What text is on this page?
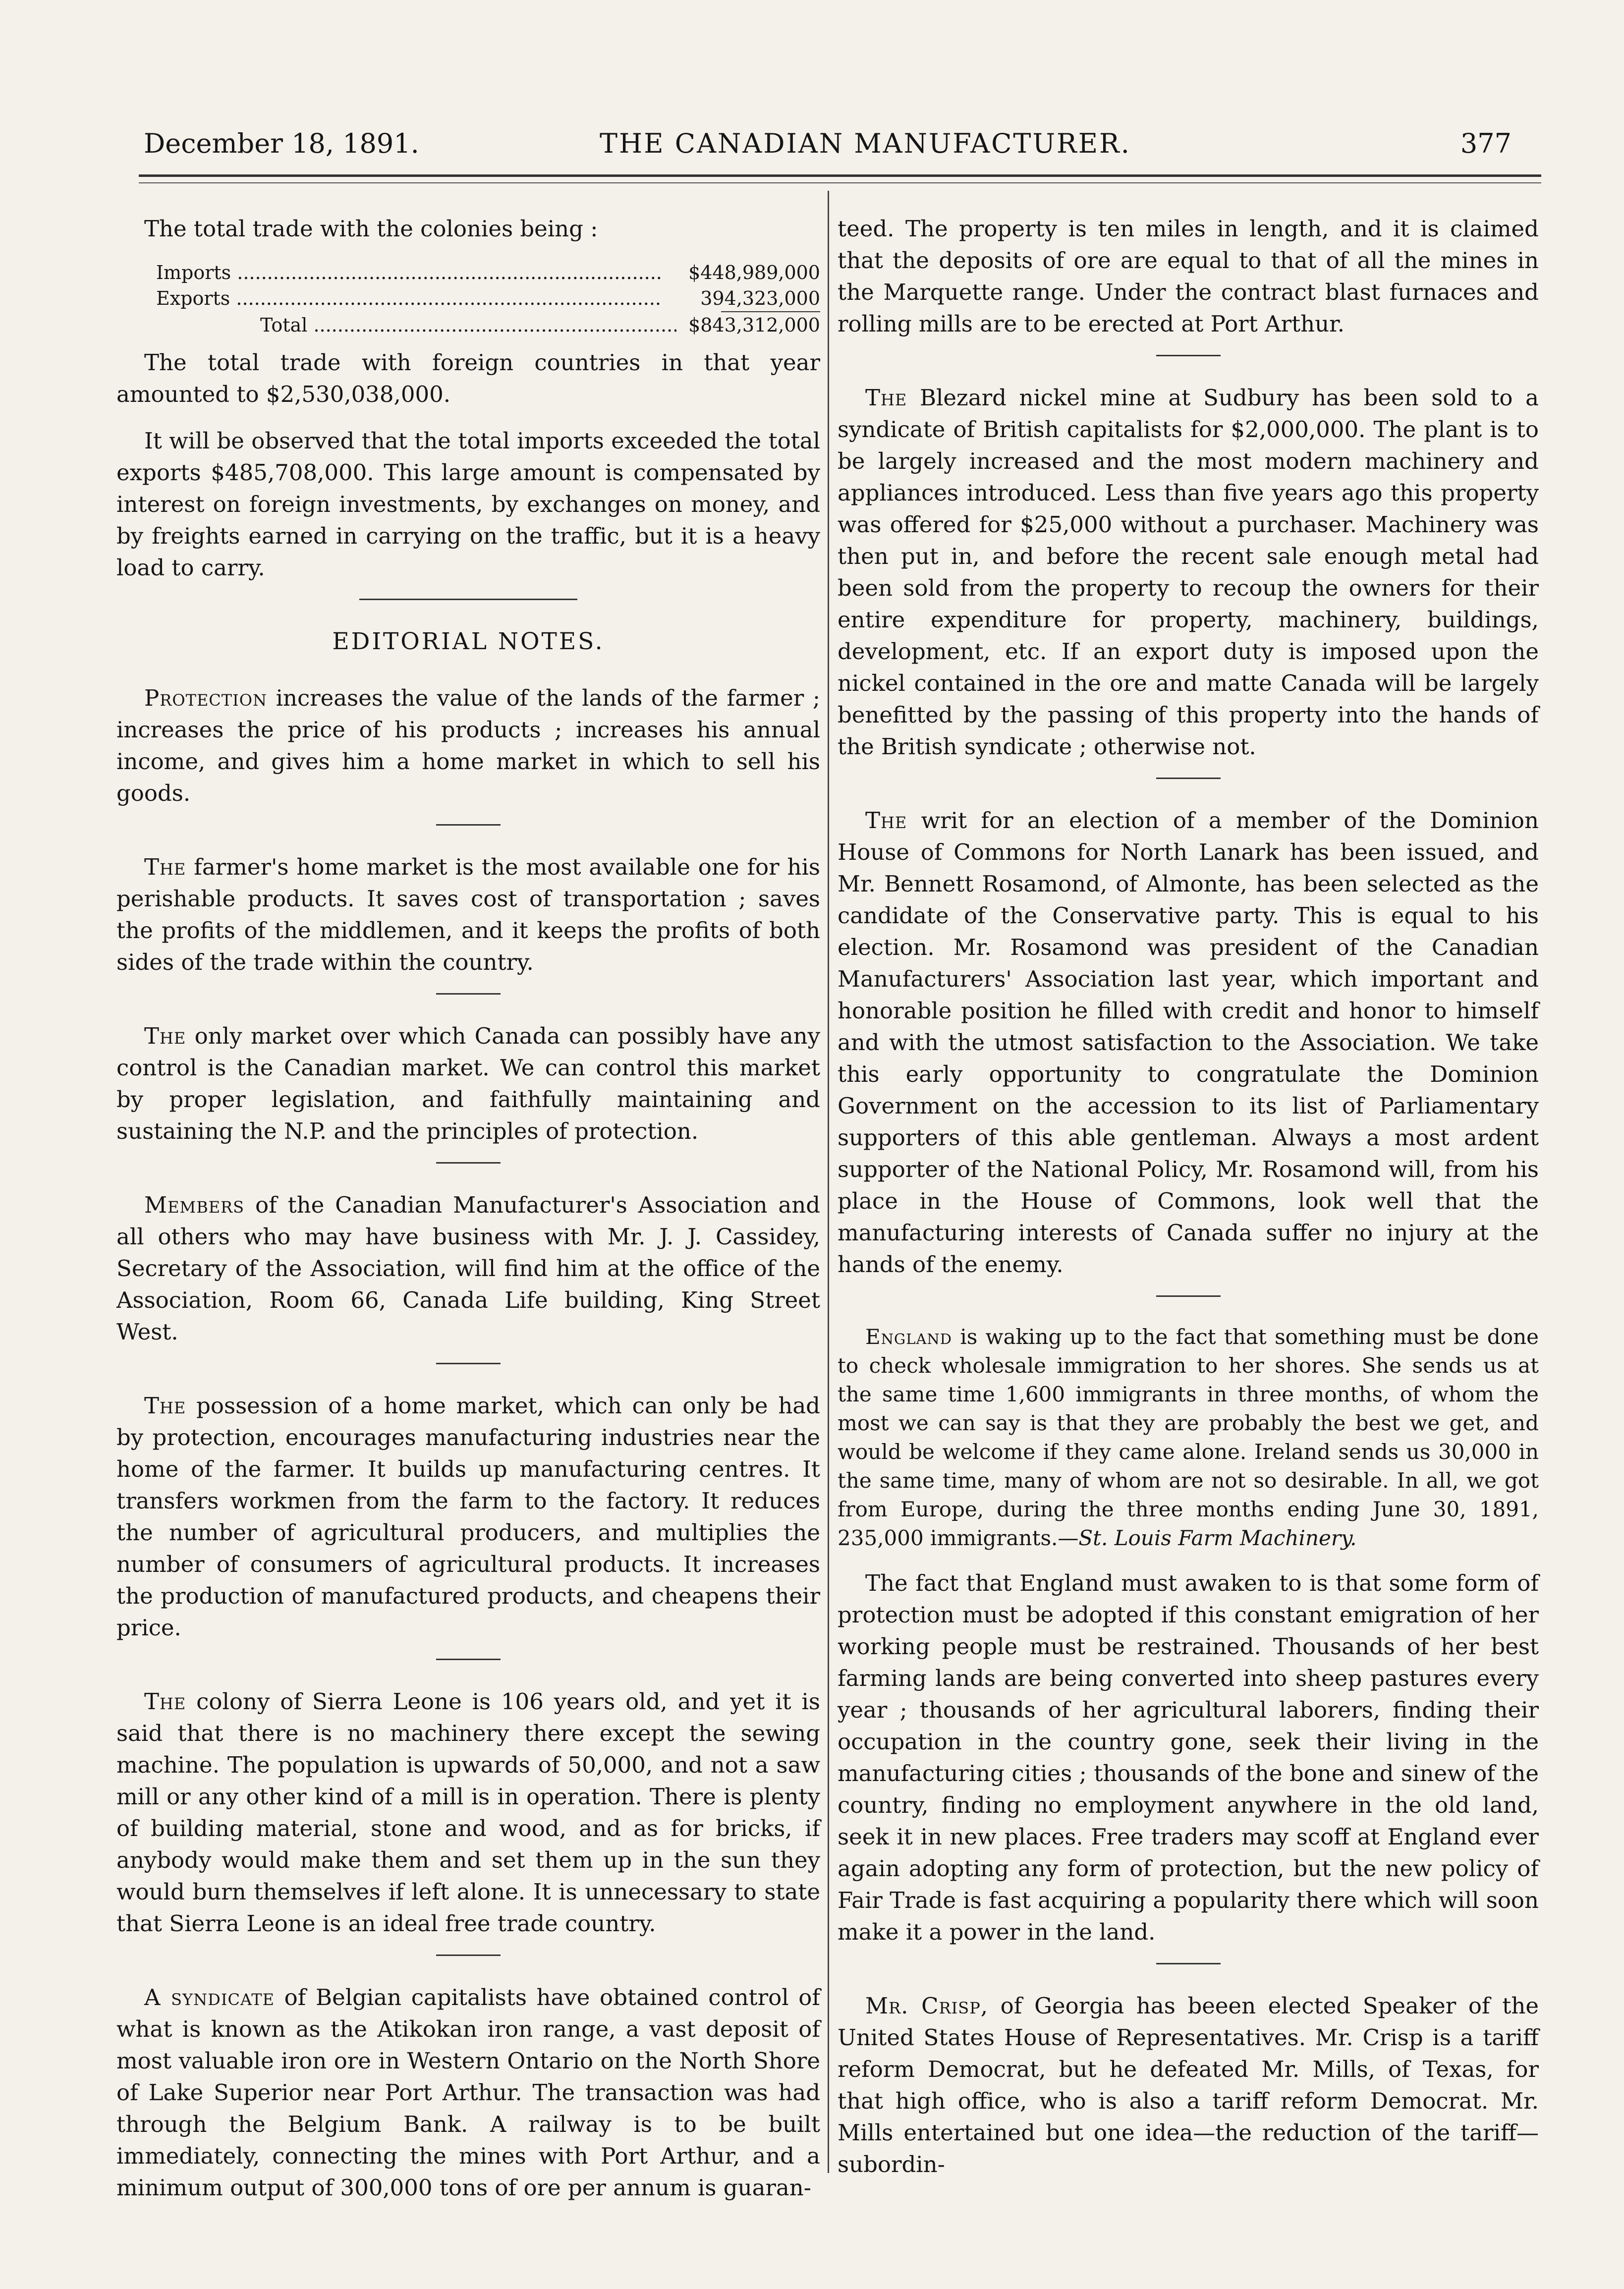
December 18, 1891.	THE CANADIAN MANUFACTURER.	377

The total trade with the colonies being :

Imports .....	$448,989,000
Exports .....	394,323,000
Total .....	$843,312,000

The total trade with foreign countries in that year amounted to $2,530,038,000.

It will be observed that the total imports exceeded the total exports $485,708,000. This large amount is compensated by interest on foreign investments, by exchanges on money, and by freights earned in carrying on the traffic, but it is a heavy load to carry.

EDITORIAL NOTES.

Protection increases the value of the lands of the farmer ; increases the price of his products ; increases his annual income, and gives him a home market in which to sell his goods.

The farmer's home market is the most available one for his perishable products. It saves cost of transportation ; saves the profits of the middlemen, and it keeps the profits of both sides of the trade within the country.

The only market over which Canada can possibly have any control is the Canadian market. We can control this market by proper legislation, and faithfully maintaining and sustaining the N.P. and the principles of protection.

Members of the Canadian Manufacturer's Association and all others who may have business with Mr. J. J. Cassidey, Secretary of the Association, will find him at the office of the Association, Room 66, Canada Life building, King Street West.

The possession of a home market, which can only be had by protection, encourages manufacturing industries near the home of the farmer. It builds up manufacturing centres. It transfers workmen from the farm to the factory. It reduces the number of agricultural producers, and multiplies the number of consumers of agricultural products. It increases the production of manufactured products, and cheapens their price.

The colony of Sierra Leone is 106 years old, and yet it is said that there is no machinery there except the sewing machine. The population is upwards of 50,000, and not a saw mill or any other kind of a mill is in operation. There is plenty of building material, stone and wood, and as for bricks, if anybody would make them and set them up in the sun they would burn themselves if left alone. It is unnecessary to state that Sierra Leone is an ideal free trade country.

A syndicate of Belgian capitalists have obtained control of what is known as the Atikokan iron range, a vast deposit of most valuable iron ore in Western Ontario on the North Shore of Lake Superior near Port Arthur. The transaction was had through the Belgium Bank. A railway is to be built immediately, connecting the mines with Port Arthur, and a minimum output of 300,000 tons of ore per annum is guaran-

teed. The property is ten miles in length, and it is claimed that the deposits of ore are equal to that of all the mines in the Marquette range. Under the contract blast furnaces and rolling mills are to be erected at Port Arthur.

The Blezard nickel mine at Sudbury has been sold to a syndicate of British capitalists for $2,000,000. The plant is to be largely increased and the most modern machinery and appliances introduced. Less than five years ago this property was offered for $25,000 without a purchaser. Machinery was then put in, and before the recent sale enough metal had been sold from the property to recoup the owners for their entire expenditure for property, machinery, buildings, development, etc. If an export duty is imposed upon the nickel contained in the ore and matte Canada will be largely benefitted by the passing of this property into the hands of the British syndicate ; otherwise not.

The writ for an election of a member of the Dominion House of Commons for North Lanark has been issued, and Mr. Bennett Rosamond, of Almonte, has been selected as the candidate of the Conservative party. This is equal to his election. Mr. Rosamond was president of the Canadian Manufacturers' Association last year, which important and honorable position he filled with credit and honor to himself and with the utmost satisfaction to the Association. We take this early opportunity to congratulate the Dominion Government on the accession to its list of Parliamentary supporters of this able gentleman. Always a most ardent supporter of the National Policy, Mr. Rosamond will, from his place in the House of Commons, look well that the manufacturing interests of Canada suffer no injury at the hands of the enemy.

England is waking up to the fact that something must be done to check wholesale immigration to her shores. She sends us at the same time 1,600 immigrants in three months, of whom the most we can say is that they are probably the best we get, and would be welcome if they came alone. Ireland sends us 30,000 in the same time, many of whom are not so desirable. In all, we got from Europe, during the three months ending June 30, 1891, 235,000 immigrants.—St. Louis Farm Machinery.

The fact that England must awaken to is that some form of protection must be adopted if this constant emigration of her working people must be restrained. Thousands of her best farming lands are being converted into sheep pastures every year ; thousands of her agricultural laborers, finding their occupation in the country gone, seek their living in the manufacturing cities ; thousands of the bone and sinew of the country, finding no employment anywhere in the old land, seek it in new places. Free traders may scoff at England ever again adopting any form of protection, but the new policy of Fair Trade is fast acquiring a popularity there which will soon make it a power in the land.

Mr. Crisp, of Georgia has beeen elected Speaker of the United States House of Representatives. Mr. Crisp is a tariff reform Democrat, but he defeated Mr. Mills, of Texas, for that high office, who is also a tariff reform Democrat. Mr. Mills entertained but one idea—the reduction of the tariff—subordin-
